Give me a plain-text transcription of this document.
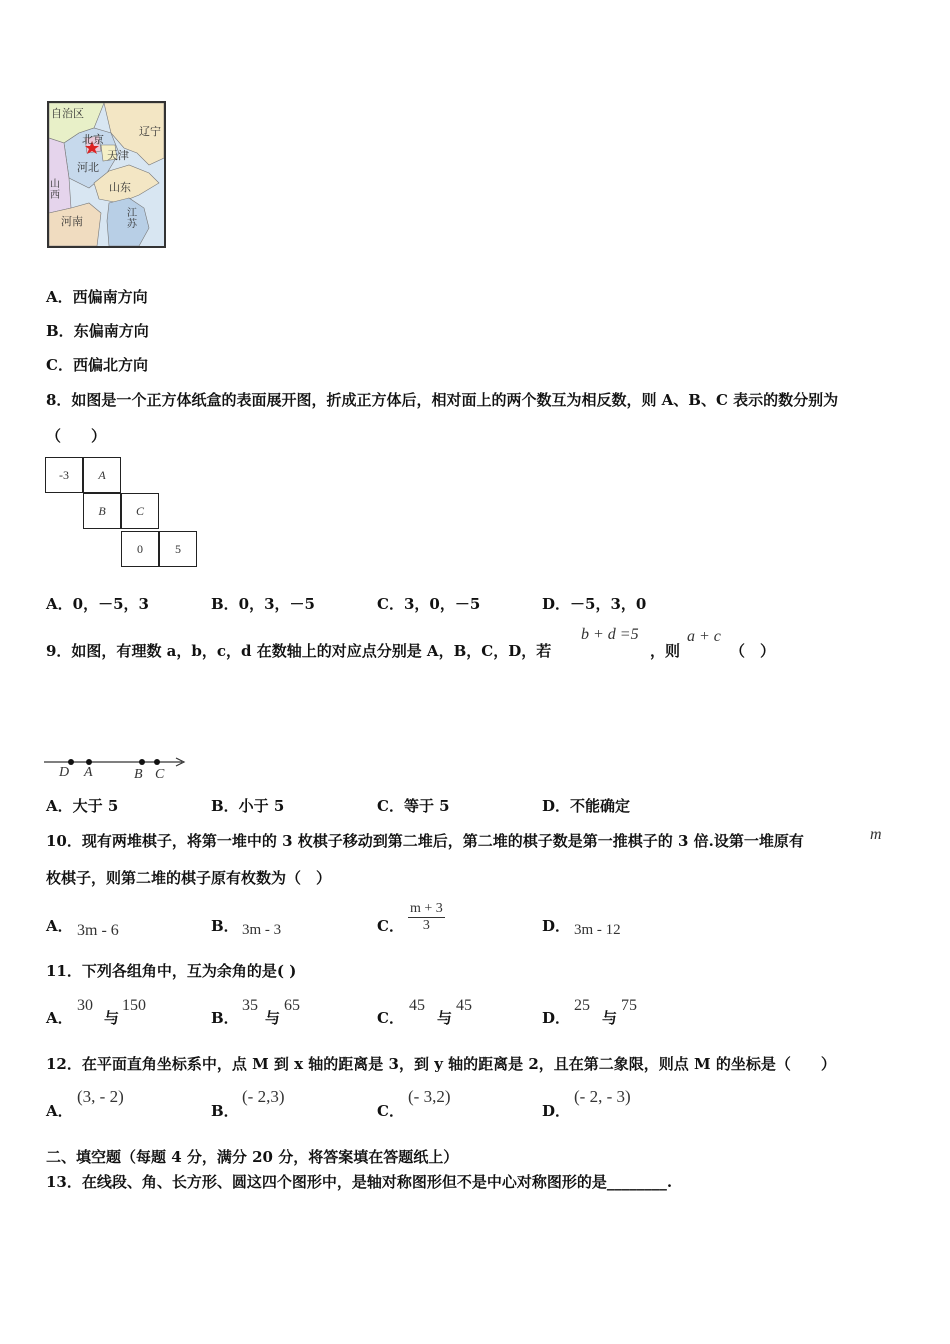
自治区
辽宁
北京
天津
河北
山西
山东
河南
江苏
A．西偏南方向
B．东偏南方向
C．西偏北方向
8．如图是一个正方体纸盒的表面展开图，折成正方体后，相对面上的两个数互为相反数，则 A、B、C 表示的数分别为
（　　）
-3	A
B	C
0	5
A．0，－5，3	B．0，3，－5	C．3，0，－5	D．－5，3，0
9．如图，有理数 a，b，c，d 在数轴上的对应点分别是 A，B，C，D，若
b + d =5
，则
a + c
（　）
D A	B C
A．大于 5	B．小于 5	C．等于 5	D．不能确定
10．现有两堆棋子，将第一堆中的 3 枚棋子移动到第二堆后，第二堆的棋子数是第一推棋子的 3 倍.设第一堆原有	m
枚棋子，则第二堆的棋子原有枚数为（　）
A． 3m - 6	B． 3m - 3	C． $\frac{m + 3}{3}$	D． 3m - 12
11．下列各组角中，互为余角的是( )
A．
30
与
150
B．
35
与
65
C．
45
与
45
D．
25
与
75
12．在平面直角坐标系中，点 M 到 x 轴的距离是 3，到 y 轴的距离是 2，且在第二象限，则点 M 的坐标是（　　）
A．
(3, - 2)
B．
(- 2,3)
C．
(- 3,2)
D．
(- 2, - 3)
二、填空题（每题 4 分，满分 20 分，将答案填在答题纸上）
13．在线段、角、长方形、圆这四个图形中，是轴对称图形但不是中心对称图形的是________.
